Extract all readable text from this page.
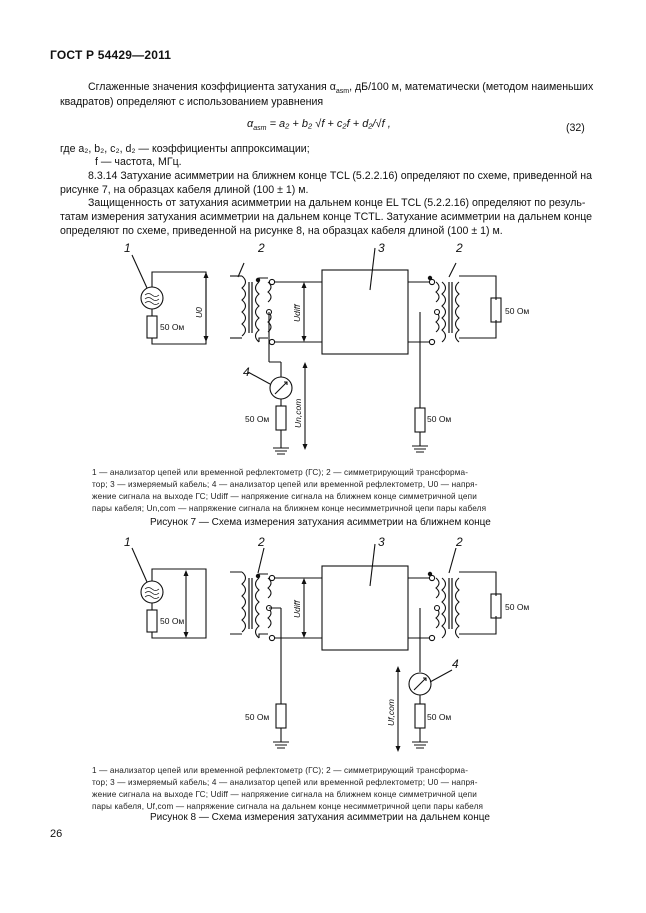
ГОСТ Р 54429—2011
Сглаженные значения коэффициента затухания $\alpha_{asm}$, дБ/100 м, математически (методом наименьших
квадратов) определяют с использованием уравнения
$\alpha_{asm} = a_2 + b_2$ √f + c₂f + d₂/√f ,	(32)
где a₂, b₂, c₂, d₂ — коэффициенты аппроксимации;
f — частота, МГц.
8.3.14 Затухание асимметрии на ближнем конце TCL (5.2.2.16) определяют по схеме, приведенной на
рисунке 7, на образцах кабеля длиной (100 ± 1) м.
Защищенность от затухания асимметрии на дальнем конце EL TCL (5.2.2.16) определяют по резуль-
татам измерения затухания асимметрии на дальнем конце TCTL. Затухание асимметрии на дальнем конце
определяют по схеме, приведенной на рисунке 8, на образцах кабеля длиной (100 ± 1) м.
1	2	3	2
4
50 Ом
50 Ом
50 Ом	50 Ом
U0	Udiff
Un,com
1 — анализатор цепей или временной рефлектометр (ГС); 2 — симметрирующий трансформа-
тор; 3 — измеряемый кабель; 4 — анализатор цепей или временной рефлектометр, U0 — напря-
жение сигнала на выходе ГС; Udiff — напряжение сигнала на ближнем конце симметричной цепи
пары кабеля; Un,com — напряжение сигнала на ближнем конце несимметричной цепи пары кабеля
Рисунок 7 — Схема измерения затухания асимметрии на ближнем конце
1	2	3	2
4
50 Ом
50 Ом
50 Ом	50 Ом
Udiff
Uf,com
1 — анализатор цепей или временной рефлектометр (ГС); 2 — симметрирующий трансформа-
тор; 3 — измеряемый кабель; 4 — анализатор цепей или временной рефлектометр; U0 — напря-
жение сигнала на выходе ГС; Udiff — напряжение сигнала на ближнем конце симметричной цепи
пары кабеля, Uf,com — напряжение сигнала на дальнем конце несимметричной цепи пары кабеля
Рисунок 8 — Схема измерения затухания асимметрии на дальнем конце
26
